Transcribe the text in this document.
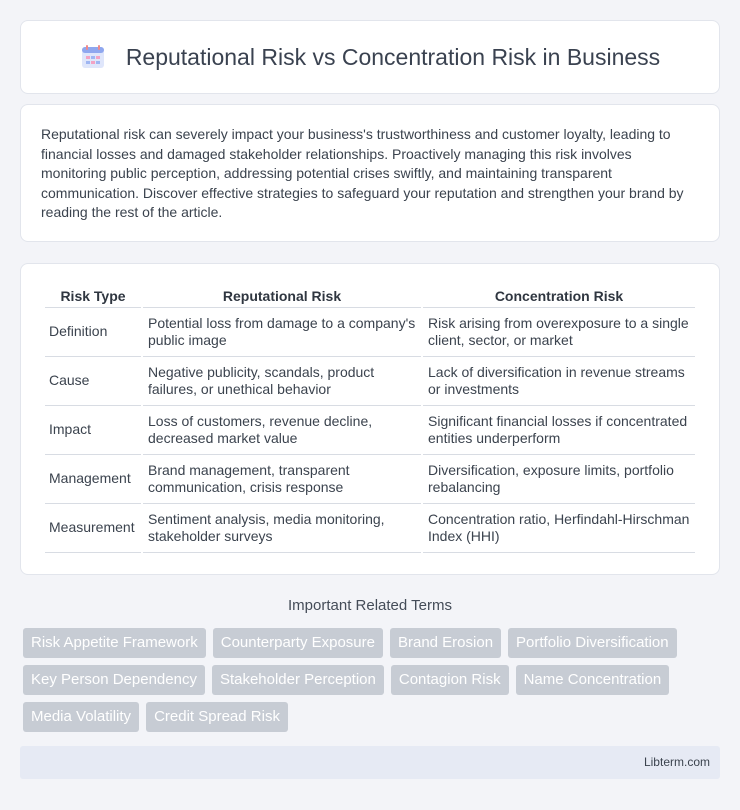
Reputational Risk vs Concentration Risk in Business

Reputational risk can severely impact your business's trustworthiness and customer loyalty, leading to financial losses and damaged stakeholder relationships. Proactively managing this risk involves monitoring public perception, addressing potential crises swiftly, and maintaining transparent communication. Discover effective strategies to safeguard your reputation and strengthen your brand by reading the rest of the article.

Risk Type	Reputational Risk	Concentration Risk
Definition	Potential loss from damage to a company's public image	Risk arising from overexposure to a single client, sector, or market
Cause	Negative publicity, scandals, product failures, or unethical behavior	Lack of diversification in revenue streams or investments
Impact	Loss of customers, revenue decline, decreased market value	Significant financial losses if concentrated entities underperform
Management	Brand management, transparent communication, crisis response	Diversification, exposure limits, portfolio rebalancing
Measurement	Sentiment analysis, media monitoring, stakeholder surveys	Concentration ratio, Herfindahl-Hirschman Index (HHI)
Important Related Terms
Risk Appetite Framework	Counterparty Exposure	Brand Erosion	Portfolio Diversification
Key Person Dependency	Stakeholder Perception	Contagion Risk	Name Concentration
Media Volatility	Credit Spread Risk
Libterm.com
